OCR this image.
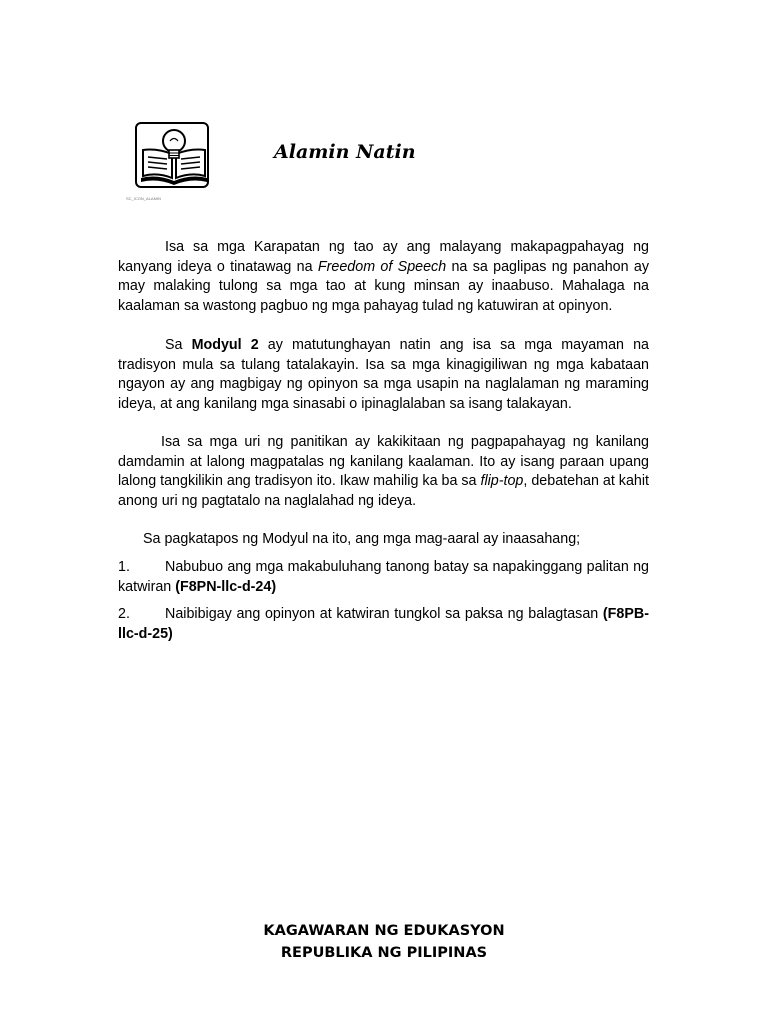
SC_ICON_ALAMIN
Alamin Natin
Isa sa mga Karapatan ng tao ay ang malayang makapagpahayag ng kanyang ideya o tinatawag na Freedom of Speech na sa paglipas ng panahon ay may malaking tulong sa mga tao at kung minsan ay inaabuso. Mahalaga na kaalaman sa wastong pagbuo ng mga pahayag tulad ng katuwiran at opinyon.
Sa Modyul 2 ay matutunghayan natin ang isa sa mga mayaman na tradisyon mula sa tulang tatalakayin. Isa sa mga kinagigiliwan ng mga kabataan ngayon ay ang magbigay ng opinyon sa mga usapin na naglalaman ng maraming ideya, at ang kanilang mga sinasabi o ipinaglalaban sa isang talakayan.
Isa sa mga uri ng panitikan ay kakikitaan ng pagpapahayag ng kanilang damdamin at lalong magpatalas ng kanilang kaalaman. Ito ay isang paraan upang lalong tangkilikin ang tradisyon ito. Ikaw mahilig ka ba sa flip-top, debatehan at kahit anong uri ng pagtatalo na naglalahad ng ideya.
Sa pagkatapos ng Modyul na ito, ang mga mag-aaral ay inaasahang;
1. Nabubuo ang mga makabuluhang tanong batay sa napakinggang palitan ng katwiran (F8PN-llc-d-24)
2. Naibibigay ang opinyon at katwiran tungkol sa paksa ng balagtasan (F8PB-llc-d-25)
KAGAWARAN NG EDUKASYON
REPUBLIKA NG PILIPINAS
